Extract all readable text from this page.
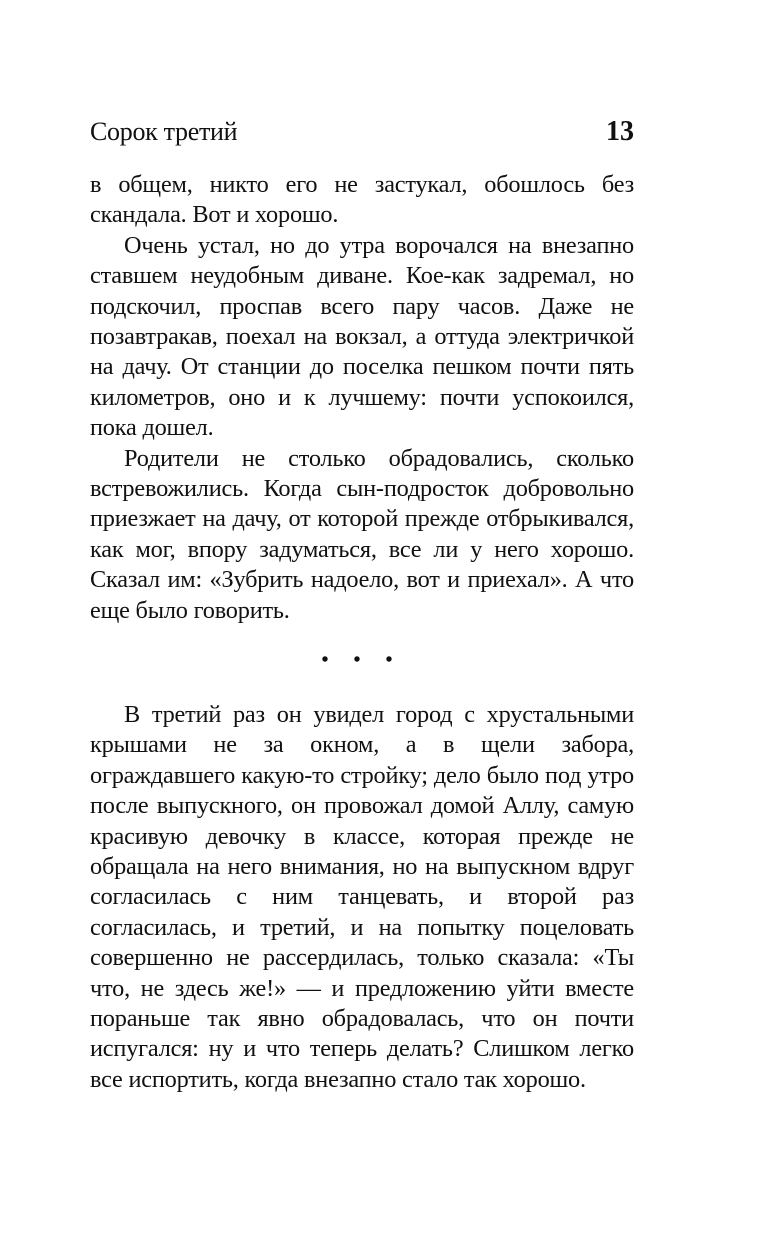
Сорок третий	13

в общем, никто его не застукал, обошлось без скандала. Вот и хорошо.

Очень устал, но до утра ворочался на внезапно ставшем неудобным диване. Кое-как задремал, но подскочил, проспав всего пару часов. Даже не позавтракав, поехал на вокзал, а оттуда электричкой на дачу. От станции до поселка пешком почти пять километров, оно и к лучшему: почти успокоился, пока дошел.

Родители не столько обрадовались, сколько встревожились. Когда сын-подросток добровольно приезжает на дачу, от которой прежде отбрыкивался, как мог, впору задуматься, все ли у него хорошо. Сказал им: «Зубрить надоело, вот и приехал». А что еще было говорить.

• • •

В третий раз он увидел город с хрустальными крышами не за окном, а в щели забора, ограждавшего какую-то стройку; дело было под утро после выпускного, он провожал домой Аллу, самую красивую девочку в классе, которая прежде не обращала на него внимания, но на выпускном вдруг согласилась с ним танцевать, и второй раз согласилась, и третий, и на попытку поцеловать совершенно не рассердилась, только сказала: «Ты что, не здесь же!» — и предложению уйти вместе пораньше так явно обрадовалась, что он почти испугался: ну и что теперь делать? Слишком легко все испортить, когда внезапно стало так хорошо.
